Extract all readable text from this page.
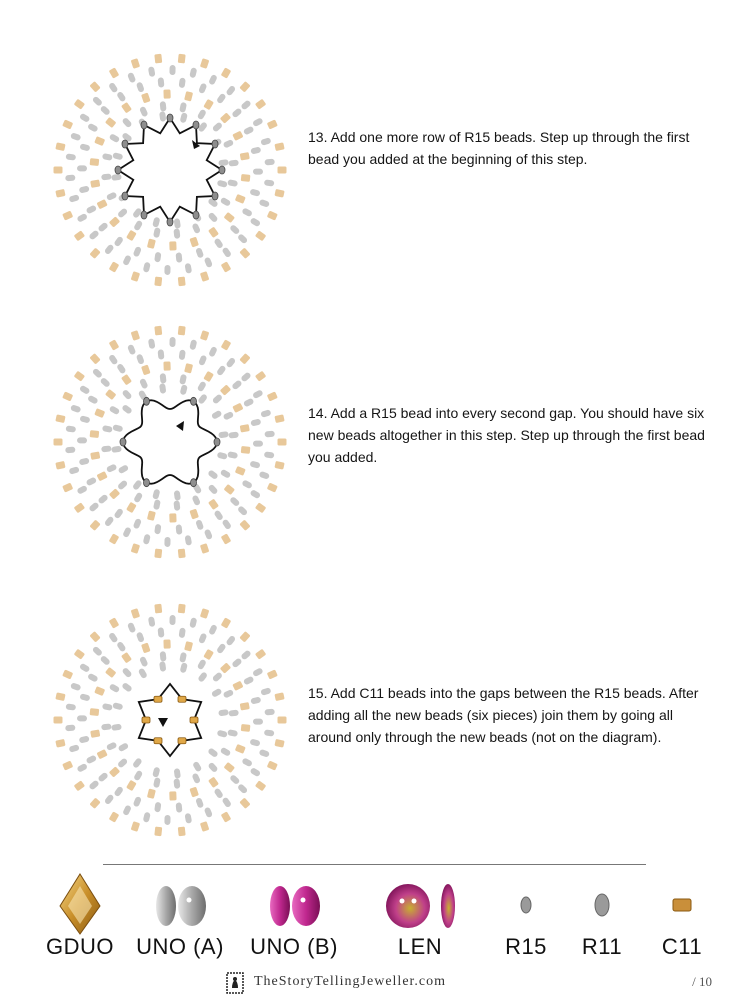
13. Add one more row of R15 beads. Step up through the first bead you added at the beginning of this step.
14. Add a R15 bead into every second gap. You should have six new beads altogether in this step. Step up through the first bead you added.
15. Add C11 beads into the gaps between the R15 beads. After adding all the new beads (six pieces) join them by going all around only through the new beads (not on the diagram).
GDUO	UNO (A)	UNO (B)	LEN	R15	R11	C11
TheStoryTellingJeweller.com	/ 10
